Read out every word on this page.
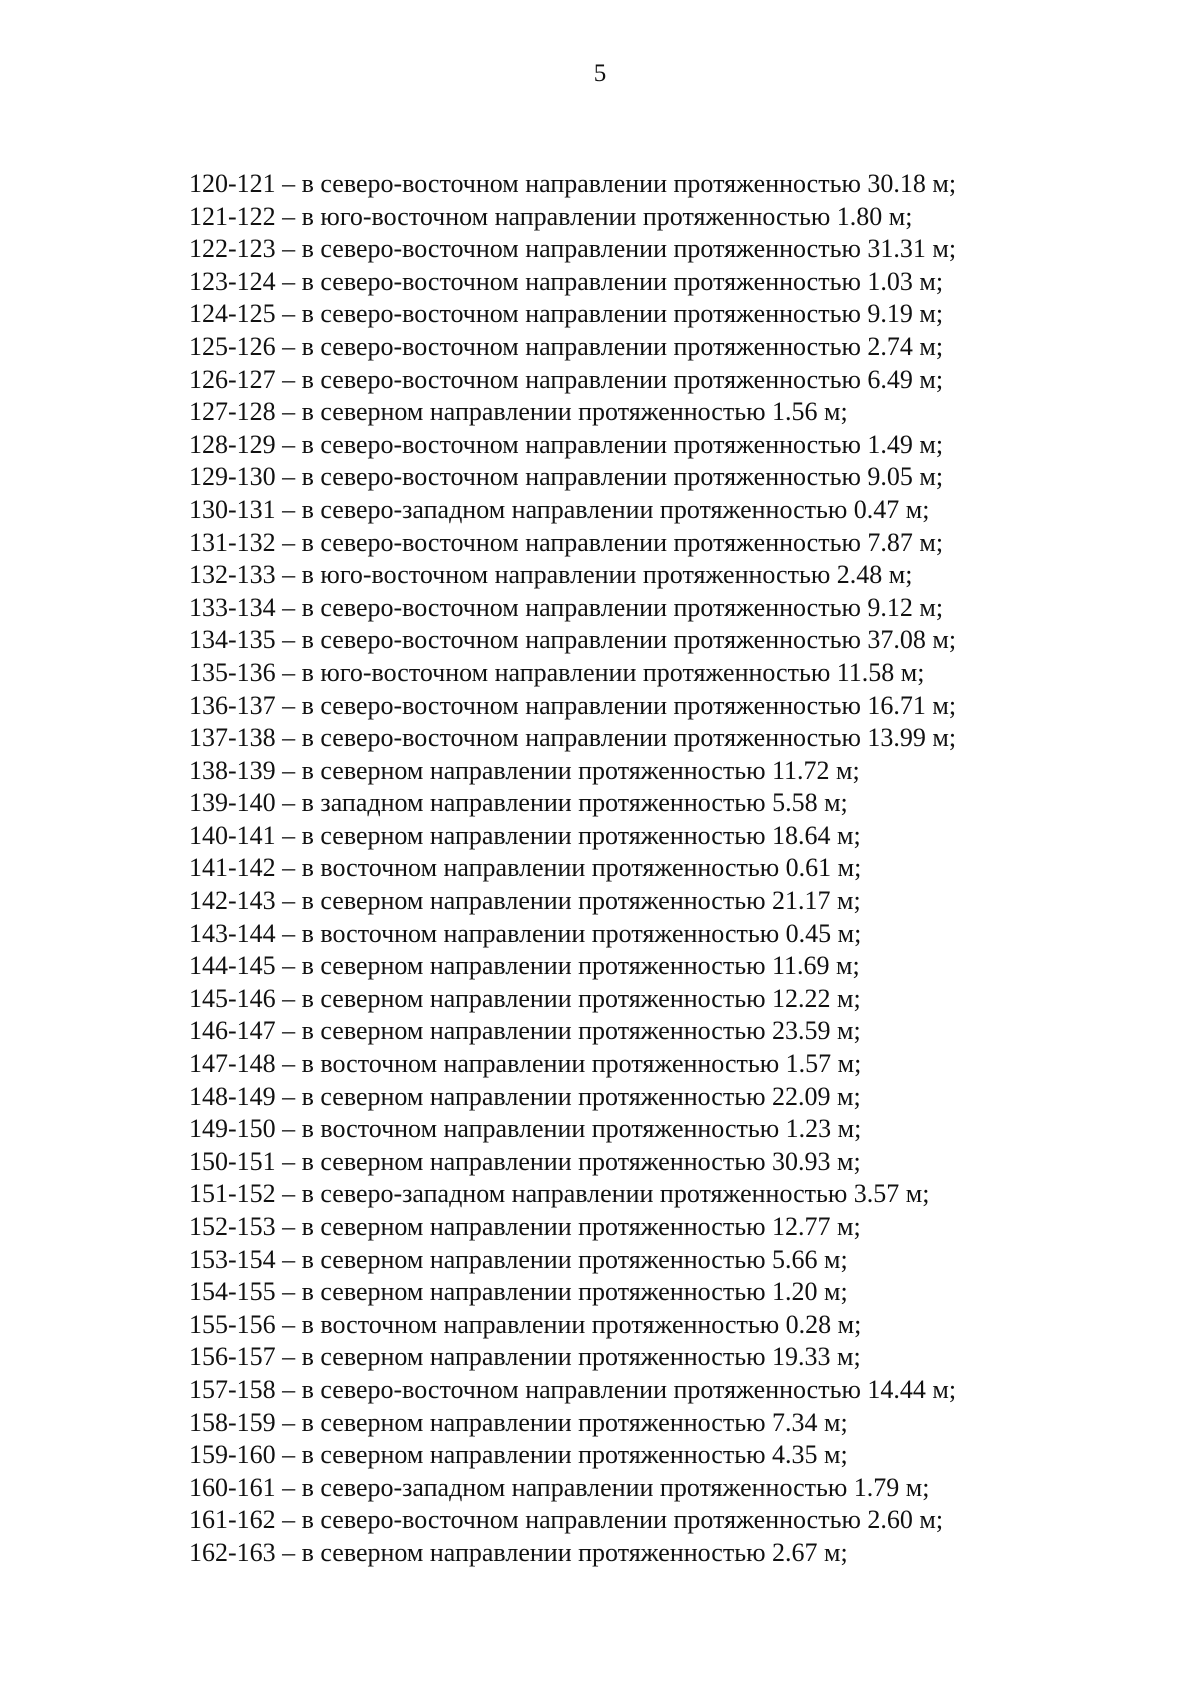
5
120-121 – в северо-восточном направлении протяженностью 30.18 м;
121-122 – в юго-восточном направлении протяженностью 1.80 м;
122-123 – в северо-восточном направлении протяженностью 31.31 м;
123-124 – в северо-восточном направлении протяженностью 1.03 м;
124-125 – в северо-восточном направлении протяженностью 9.19 м;
125-126 – в северо-восточном направлении протяженностью 2.74 м;
126-127 – в северо-восточном направлении протяженностью 6.49 м;
127-128 – в северном направлении протяженностью 1.56 м;
128-129 – в северо-восточном направлении протяженностью 1.49 м;
129-130 – в северо-восточном направлении протяженностью 9.05 м;
130-131 – в северо-западном направлении протяженностью 0.47 м;
131-132 – в северо-восточном направлении протяженностью 7.87 м;
132-133 – в юго-восточном направлении протяженностью 2.48 м;
133-134 – в северо-восточном направлении протяженностью 9.12 м;
134-135 – в северо-восточном направлении протяженностью 37.08 м;
135-136 – в юго-восточном направлении протяженностью 11.58 м;
136-137 – в северо-восточном направлении протяженностью 16.71 м;
137-138 – в северо-восточном направлении протяженностью 13.99 м;
138-139 – в северном направлении протяженностью 11.72 м;
139-140 – в западном направлении протяженностью 5.58 м;
140-141 – в северном направлении протяженностью 18.64 м;
141-142 – в восточном направлении протяженностью 0.61 м;
142-143 – в северном направлении протяженностью 21.17 м;
143-144 – в восточном направлении протяженностью 0.45 м;
144-145 – в северном направлении протяженностью 11.69 м;
145-146 – в северном направлении протяженностью 12.22 м;
146-147 – в северном направлении протяженностью 23.59 м;
147-148 – в восточном направлении протяженностью 1.57 м;
148-149 – в северном направлении протяженностью 22.09 м;
149-150 – в восточном направлении протяженностью 1.23 м;
150-151 – в северном направлении протяженностью 30.93 м;
151-152 – в северо-западном направлении протяженностью 3.57 м;
152-153 – в северном направлении протяженностью 12.77 м;
153-154 – в северном направлении протяженностью 5.66 м;
154-155 – в северном направлении протяженностью 1.20 м;
155-156 – в восточном направлении протяженностью 0.28 м;
156-157 – в северном направлении протяженностью 19.33 м;
157-158 – в северо-восточном направлении протяженностью 14.44 м;
158-159 – в северном направлении протяженностью 7.34 м;
159-160 – в северном направлении протяженностью 4.35 м;
160-161 – в северо-западном направлении протяженностью 1.79 м;
161-162 – в северо-восточном направлении протяженностью 2.60 м;
162-163 – в северном направлении протяженностью 2.67 м;
